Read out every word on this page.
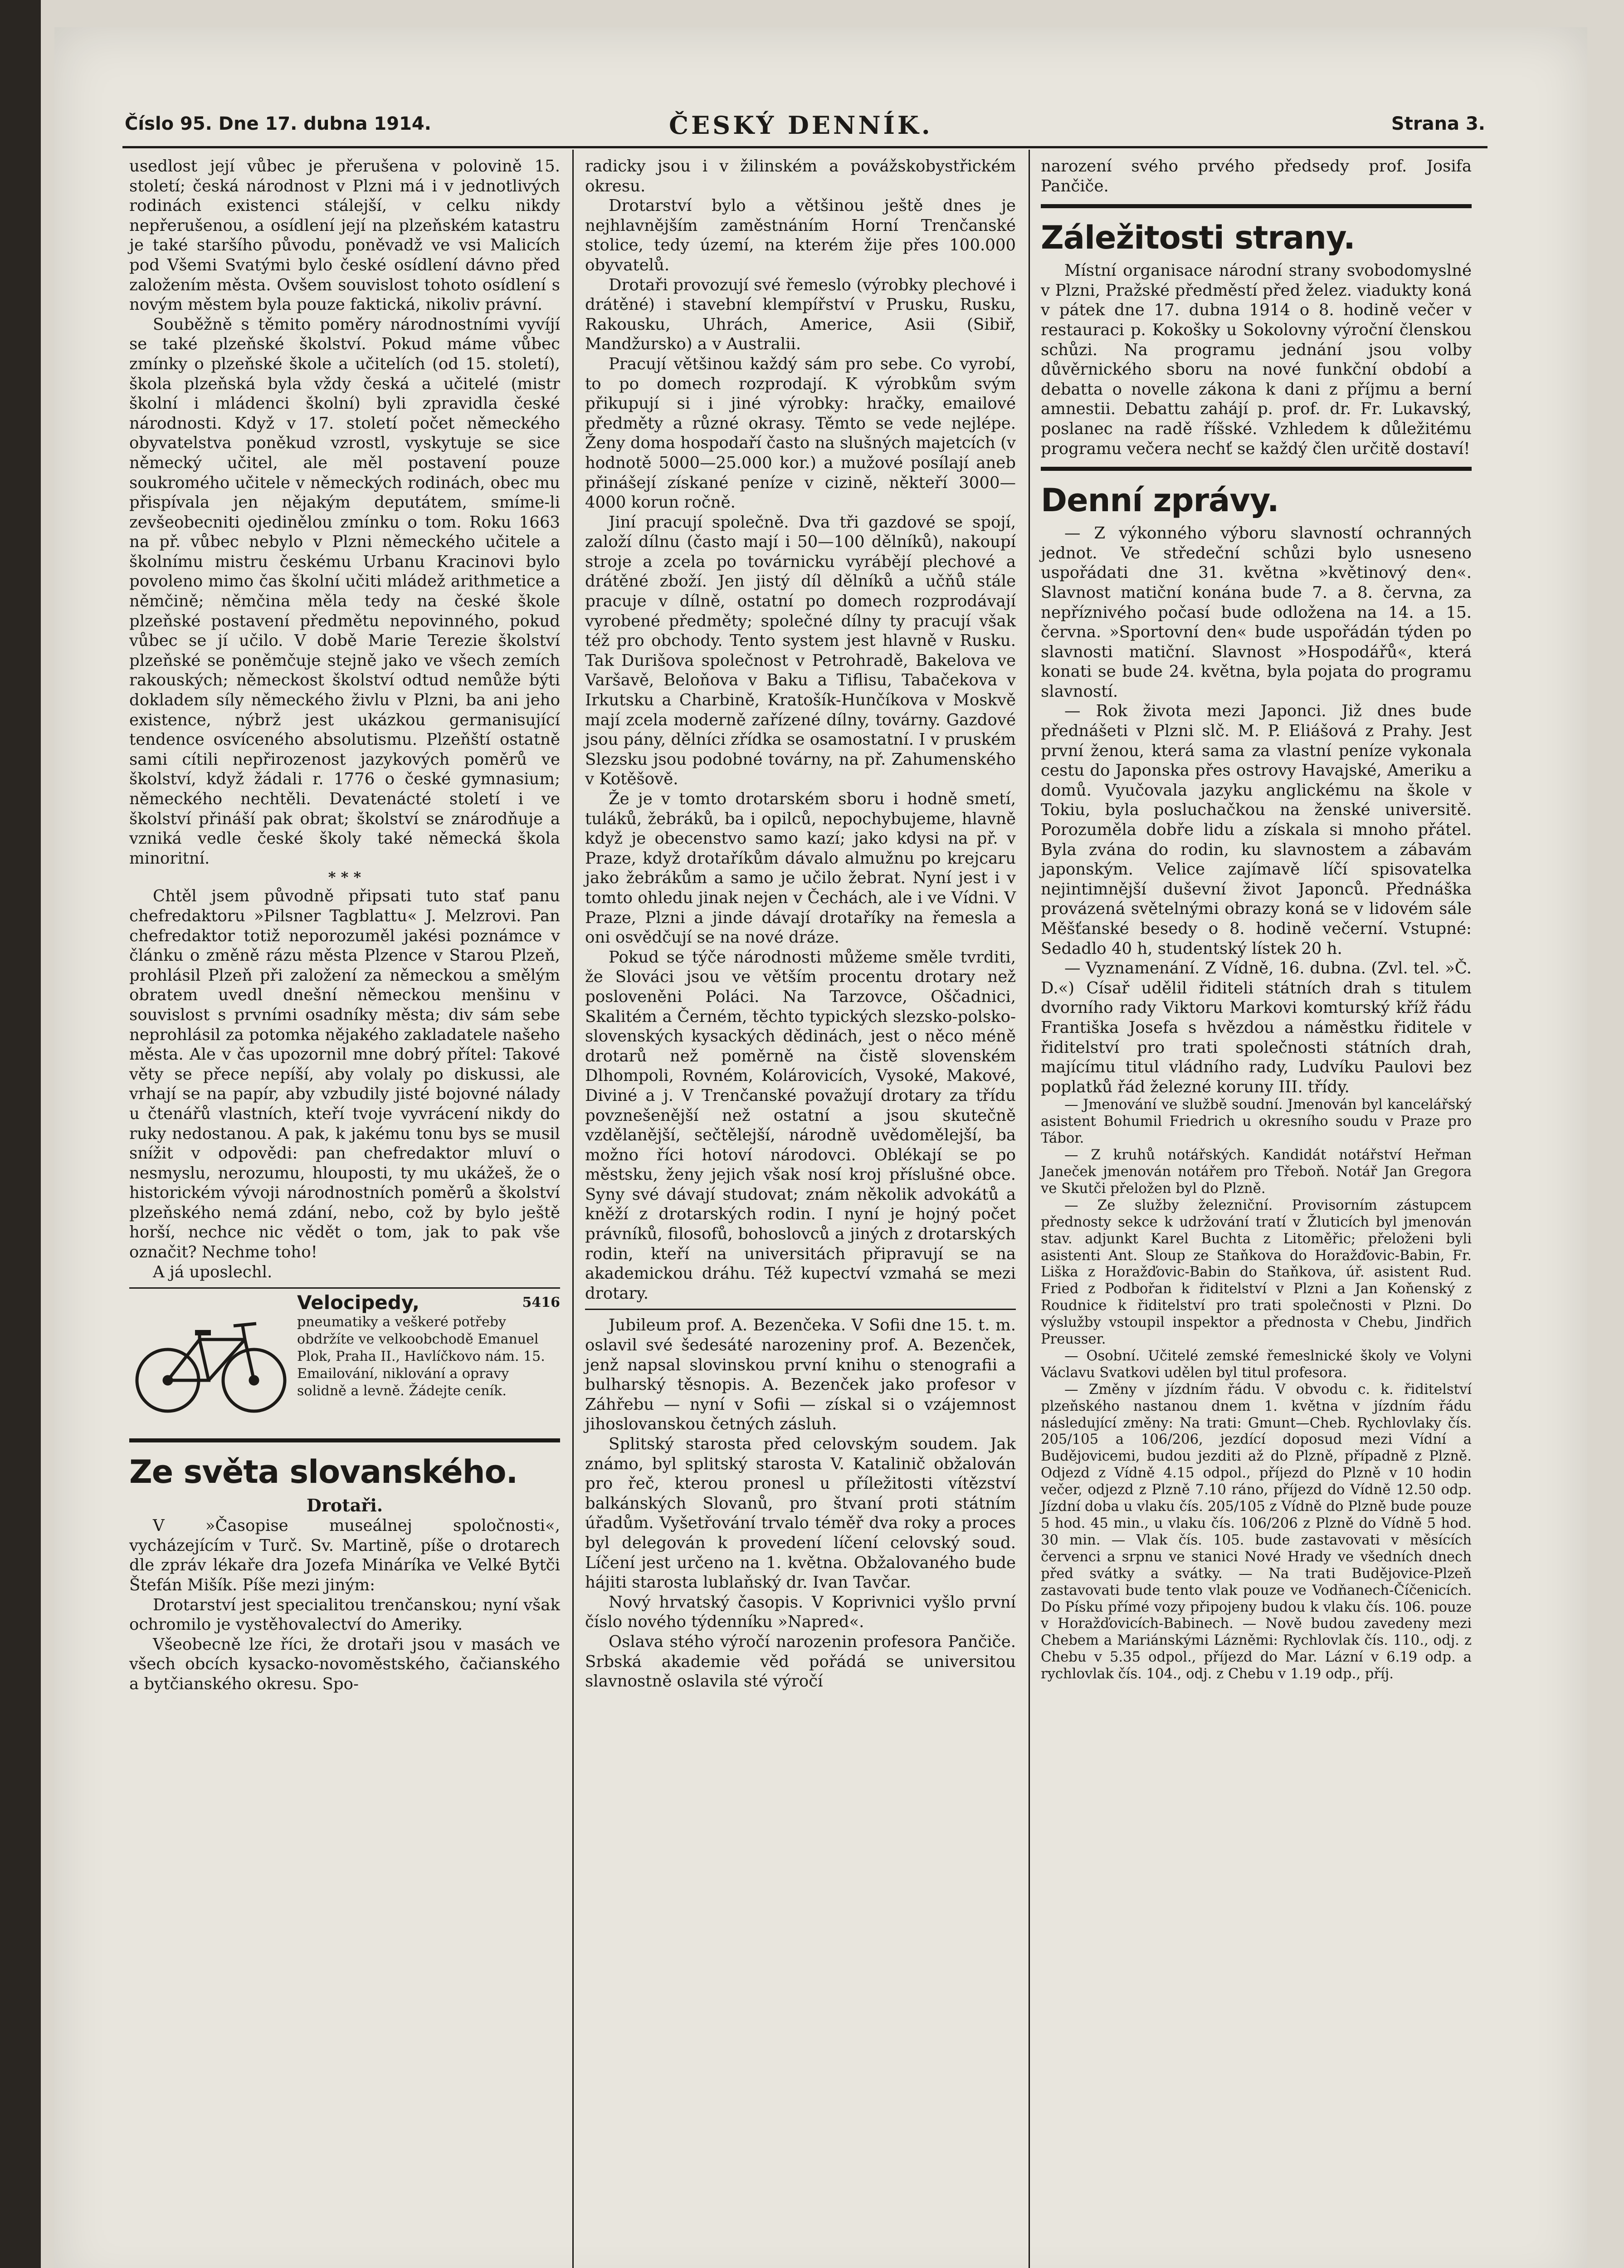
Číslo 95. Dne 17. dubna 1914.	ČESKÝ DENNÍK.	Strana 3.

usedlost její vůbec je přerušena v polovině 15. století; česká národnost v Plzni má i v jednotlivých rodinách existenci stálejší, v celku nikdy nepřerušenou, a osídlení její na plzeňském katastru je také staršího původu, poněvadž ve vsi Malicích pod Všemi Svatými bylo české osídlení dávno před založením města. Ovšem souvislost tohoto osídlení s novým městem byla pouze faktická, nikoliv právní.

Souběžně s těmito poměry národnostními vyvíjí se také plzeňské školství. Pokud máme vůbec zmínky o plzeňské škole a učitelích (od 15. století), škola plzeňská byla vždy česká a učitelé (mistr školní i mládenci školní) byli zpravidla české národnosti. Když v 17. století počet německého obyvatelstva poněkud vzrostl, vyskytuje se sice německý učitel, ale měl postavení pouze soukromého učitele v německých rodinách, obec mu přispívala jen nějakým deputátem, smíme-li zevšeobecniti ojedinělou zmínku o tom. Roku 1663 na př. vůbec nebylo v Plzni německého učitele a školnímu mistru českému Urbanu Kracinovi bylo povoleno mimo čas školní učiti mládež arithmetice a němčině; němčina měla tedy na české škole plzeňské postavení předmětu nepovinného, pokud vůbec se jí učilo. V době Marie Terezie školství plzeňské se poněmčuje stejně jako ve všech zemích rakouských; německost školství odtud nemůže býti dokladem síly německého živlu v Plzni, ba ani jeho existence, nýbrž jest ukázkou germanisující tendence osvíceného absolutismu. Plzeňští ostatně sami cítili nepřirozenost jazykových poměrů ve školství, když žádali r. 1776 o české gymnasium; německého nechtěli. Devatenácté století i ve školství přináší pak obrat; školství se znárodňuje a vzniká vedle české školy také německá škola minoritní.

* * *

Chtěl jsem původně připsati tuto stať panu chefredaktoru »Pilsner Tagblattu« J. Melzrovi. Pan chefredaktor totiž neporozuměl jakési poznámce v článku o změně rázu města Plzence v Starou Plzeň, prohlásil Plzeň při založení za německou a smělým obratem uvedl dnešní německou menšinu v souvislost s prvními osadníky města; div sám sebe neprohlásil za potomka nějakého zakladatele našeho města. Ale v čas upozornil mne dobrý přítel: Takové věty se přece nepíší, aby volaly po diskussi, ale vrhají se na papír, aby vzbudily jisté bojovné nálady u čtenářů vlastních, kteří tvoje vyvrácení nikdy do ruky nedostanou. A pak, k jakému tonu bys se musil snížit v odpovědi: pan chefredaktor mluví o nesmyslu, nerozumu, hlouposti, ty mu ukážeš, že o historickém vývoji národnostních poměrů a školství plzeňského nemá zdání, nebo, což by bylo ještě horší, nechce nic vědět o tom, jak to pak vše označit? Nechme toho!

A já uposlechl.

Velocipedy,	5416
pneumatiky a veškeré potřeby obdržíte ve velkoobchodě Emanuel Plok, Praha II., Havlíčkovo nám. 15. Emailování, niklování a opravy solidně a levně. Žádejte ceník.
Ze světa slovanského.
Drotaři.

V »Časopise museálnej spoločnosti«, vycházejícím v Turč. Sv. Martině, píše o drotarech dle zpráv lékaře dra Jozefa Mináríka ve Velké Bytči Štefán Mišík. Píše mezi jiným:

Drotarství jest specialitou trenčanskou; nyní však ochromilo je vystěhovalectví do Ameriky.

Všeobecně lze říci, že drotaři jsou v masách ve všech obcích kysacko-novoměstského, čačianského a bytčianského okresu. Spo-

radicky jsou i v žilinském a povážskobystřickém okresu.

Drotarství bylo a většinou ještě dnes je nejhlavnějším zaměstnáním Horní Trenčanské stolice, tedy území, na kterém žije přes 100.000 obyvatelů.

Drotaři provozují své řemeslo (výrobky plechové i drátěné) i stavební klempířství v Prusku, Rusku, Rakousku, Uhrách, Americe, Asii (Sibiř, Mandžursko) a v Australii.

Pracují většinou každý sám pro sebe. Co vyrobí, to po domech rozprodají. K výrobkům svým přikupují si i jiné výrobky: hračky, emailové předměty a různé okrasy. Těmto se vede nejlépe. Ženy doma hospodaří často na slušných majetcích (v hodnotě 5000—25.000 kor.) a mužové posílají aneb přinášejí získané peníze v cizině, někteří 3000—4000 korun ročně.

Jiní pracují společně. Dva tři gazdové se spojí, založí dílnu (často mají i 50—100 dělníků), nakoupí stroje a zcela po továrnicku vyrábějí plechové a drátěné zboží. Jen jistý díl dělníků a učňů stále pracuje v dílně, ostatní po domech rozprodávají vyrobené předměty; společné dílny ty pracují však též pro obchody. Tento system jest hlavně v Rusku. Tak Durišova společnost v Petrohradě, Bakelova ve Varšavě, Beloňova v Baku a Tiflisu, Tabačekova v Irkutsku a Charbině, Kratošík-Hunčíkova v Moskvě mají zcela moderně zařízené dílny, továrny. Gazdové jsou pány, dělníci zřídka se osamostatní. I v pruském Slezsku jsou podobné továrny, na př. Zahumenského v Kotěšově.

Že je v tomto drotarském sboru i hodně smetí, tuláků, žebráků, ba i opilců, nepochybujeme, hlavně když je obecenstvo samo kazí; jako kdysi na př. v Praze, když drotaříkům dávalo almužnu po krejcaru jako žebrákům a samo je učilo žebrat. Nyní jest i v tomto ohledu jinak nejen v Čechách, ale i ve Vídni. V Praze, Plzni a jinde dávají drotaříky na řemesla a oni osvědčují se na nové dráze.

Pokud se týče národnosti můžeme směle tvrditi, že Slováci jsou ve větším procentu drotary než posloveněni Poláci. Na Tarzovce, Oščadnici, Skalitém a Černém, těchto typických slezsko-polsko-slovenských kysackých dědinách, jest o něco méně drotarů než poměrně na čistě slovenském Dlhompoli, Rovném, Kolárovicích, Vysoké, Makové, Diviné a j. V Trenčanské považují drotary za třídu povznešenější než ostatní a jsou skutečně vzdělanější, sečtělejší, národně uvědomělejší, ba možno říci hotoví národovci. Oblékají se po městsku, ženy jejich však nosí kroj příslušné obce. Syny své dávají studovat; znám několik advokátů a kněží z drotarských rodin. I nyní je hojný počet právníků, filosofů, bohoslovců a jiných z drotarských rodin, kteří na universitách připravují se na akademickou dráhu. Též kupectví vzmahá se mezi drotary.

Jubileum prof. A. Bezenčeka. V Sofii dne 15. t. m. oslavil své šedesáté narozeniny prof. A. Bezenček, jenž napsal slovinskou první knihu o stenografii a bulharský těsnopis. A. Bezenček jako profesor v Záhřebu — nyní v Sofii — získal si o vzájemnost jihoslovanskou četných zásluh.

Splitský starosta před celovským soudem. Jak známo, byl splitský starosta V. Katalinič obžalován pro řeč, kterou pronesl u příležitosti vítězství balkánských Slovanů, pro štvaní proti státním úřadům. Vyšetřování trvalo téměř dva roky a proces byl delegován k provedení líčení celovský soud. Líčení jest určeno na 1. května. Obžalovaného bude hájiti starosta lublaňský dr. Ivan Tavčar.

Nový hrvatský časopis. V Koprivnici vyšlo první číslo nového týdenníku »Napred«.

Oslava stého výročí narozenin profesora Pančiče. Srbská akademie věd pořádá se universitou slavnostně oslavila sté výročí

narození svého prvého předsedy prof. Josifa Pančiče.

Záležitosti strany.

Místní organisace národní strany svobodomyslné v Plzni, Pražské předměstí před želez. viadukty koná v pátek dne 17. dubna 1914 o 8. hodině večer v restauraci p. Kokošky u Sokolovny výroční členskou schůzi. Na programu jednání jsou volby důvěrnického sboru na nové funkční období a debatta o novelle zákona k dani z příjmu a berní amnestii. Debattu zahájí p. prof. dr. Fr. Lukavský, poslanec na radě říšské. Vzhledem k důležitému programu večera nechť se každý člen určitě dostaví!

Denní zprávy.

— Z výkonného výboru slavností ochranných jednot. Ve středeční schůzi bylo usneseno uspořádati dne 31. května »květinový den«. Slavnost matiční konána bude 7. a 8. června, za nepříznivého počasí bude odložena na 14. a 15. června. »Sportovní den« bude uspořádán týden po slavnosti matiční. Slavnost »Hospodářů«, která konati se bude 24. května, byla pojata do programu slavností.

— Rok života mezi Japonci. Již dnes bude přednášeti v Plzni slč. M. P. Eliášová z Prahy. Jest první ženou, která sama za vlastní peníze vykonala cestu do Japonska přes ostrovy Havajské, Ameriku a domů. Vyučovala jazyku anglickému na škole v Tokiu, byla posluchačkou na ženské universitě. Porozuměla dobře lidu a získala si mnoho přátel. Byla zvána do rodin, ku slavnostem a zábavám japonským. Velice zajímavě líčí spisovatelka nejintimnější duševní život Japonců. Přednáška provázená světelnými obrazy koná se v lidovém sále Měšťanské besedy o 8. hodině večerní. Vstupné: Sedadlo 40 h, studentský lístek 20 h.

— Vyznamenání. Z Vídně, 16. dubna. (Zvl. tel. »Č. D.«) Císař udělil řiditeli státních drah s titulem dvorního rady Viktoru Markovi komturský kříž řádu Františka Josefa s hvězdou a náměstku řiditele v řiditelství pro trati společnosti státních drah, majícímu titul vládního rady, Ludvíku Paulovi bez poplatků řád železné koruny III. třídy.

— Jmenování ve službě soudní. Jmenován byl kancelářský asistent Bohumil Friedrich u okresního soudu v Praze pro Tábor.

— Z kruhů notářských. Kandidát notářství Heřman Janeček jmenován notářem pro Třeboň. Notář Jan Gregora ve Skutči přeložen byl do Plzně.

— Ze služby železniční. Provisorním zástupcem přednosty sekce k udržování tratí v Žluticích byl jmenován stav. adjunkt Karel Buchta z Litoměřic; přeloženi byli asistenti Ant. Sloup ze Staňkova do Horažďovic-Babin, Fr. Liška z Horažďovic-Babin do Staňkova, úř. asistent Rud. Fried z Podbořan k řiditelství v Plzni a Jan Koňenský z Roudnice k řiditelství pro trati společnosti v Plzni. Do výslužby vstoupil inspektor a přednosta v Chebu, Jindřich Preusser.

— Osobní. Učitelé zemské řemeslnické školy ve Volyni Václavu Svatkovi udělen byl titul profesora.

— Změny v jízdním řádu. V obvodu c. k. řiditelství plzeňského nastanou dnem 1. května v jízdním řádu následující změny: Na trati: Gmunt—Cheb. Rychlovlaky čís. 205/105 a 106/206, jezdící doposud mezi Vídní a Budějovicemi, budou jezditi až do Plzně, případně z Plzně. Odjezd z Vídně 4.15 odpol., příjezd do Plzně v 10 hodin večer, odjezd z Plzně 7.10 ráno, příjezd do Vídně 12.50 odp. Jízdní doba u vlaku čís. 205/105 z Vídně do Plzně bude pouze 5 hod. 45 min., u vlaku čís. 106/206 z Plzně do Vídně 5 hod. 30 min. — Vlak čís. 105. bude zastavovati v měsících červenci a srpnu ve stanici Nové Hrady ve všedních dnech před svátky a svátky. — Na trati Budějovice-Plzeň zastavovati bude tento vlak pouze ve Vodňanech-Číčenicích. Do Písku přímé vozy připojeny budou k vlaku čís. 106. pouze v Horažďovicích-Babinech. — Nově budou zavedeny mezi Chebem a Mariánskými Lázněmi: Rychlovlak čís. 110., odj. z Chebu v 5.35 odpol., příjezd do Mar. Lázní v 6.19 odp. a rychlovlak čís. 104., odj. z Chebu v 1.19 odp., příj.
